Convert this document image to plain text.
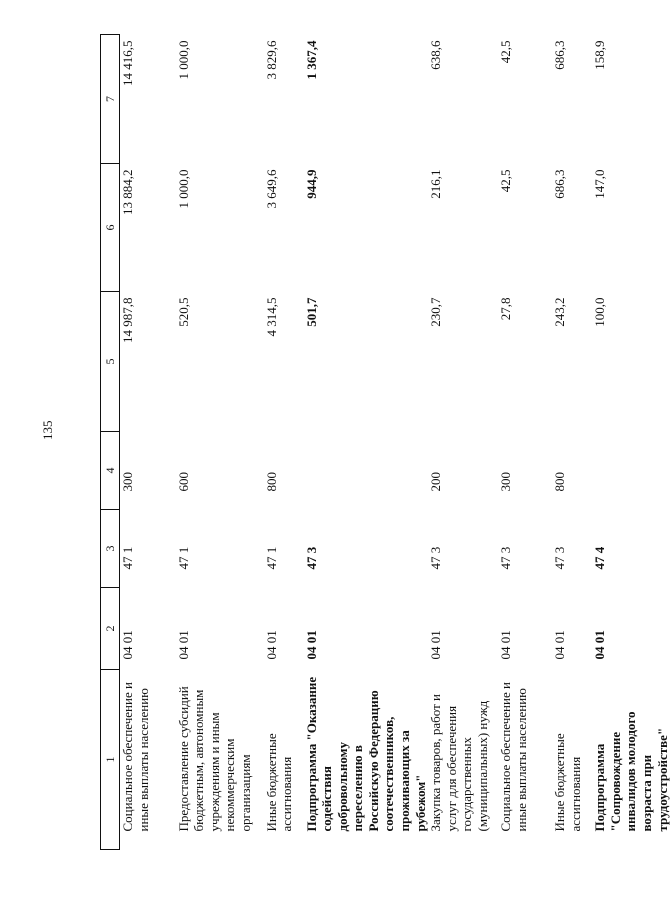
135
1	2	3	4	5	6	7
Социальное обеспечение и иные выплаты населению	04 01	47 1	300	14 987,8	13 884,2	14 416,5
Предоставление субсидий бюджетным, автономным учреждениям и иным некоммерческим организациям	04 01	47 1	600	520,5	1 000,0	1 000,0
Иные бюджетные ассигнования	04 01	47 1	800	4 314,5	3 649,6	3 829,6
Подпрограмма "Оказание содействия добровольному переселению в Российскую Федерацию соотечественников, проживающих за рубежом"	04 01	47 3		501,7	944,9	1 367,4
Закупка товаров, работ и услуг для обеспечения государственных (муниципальных) нужд	04 01	47 3	200	230,7	216,1	638,6
Социальное обеспечение и иные выплаты населению	04 01	47 3	300	27,8	42,5	42,5
Иные бюджетные ассигнования	04 01	47 3	800	243,2	686,3	686,3
Подпрограмма "Сопровождение инвалидов молодого возраста при трудоустройстве"	04 01	47 4		100,0	147,0	158,9
